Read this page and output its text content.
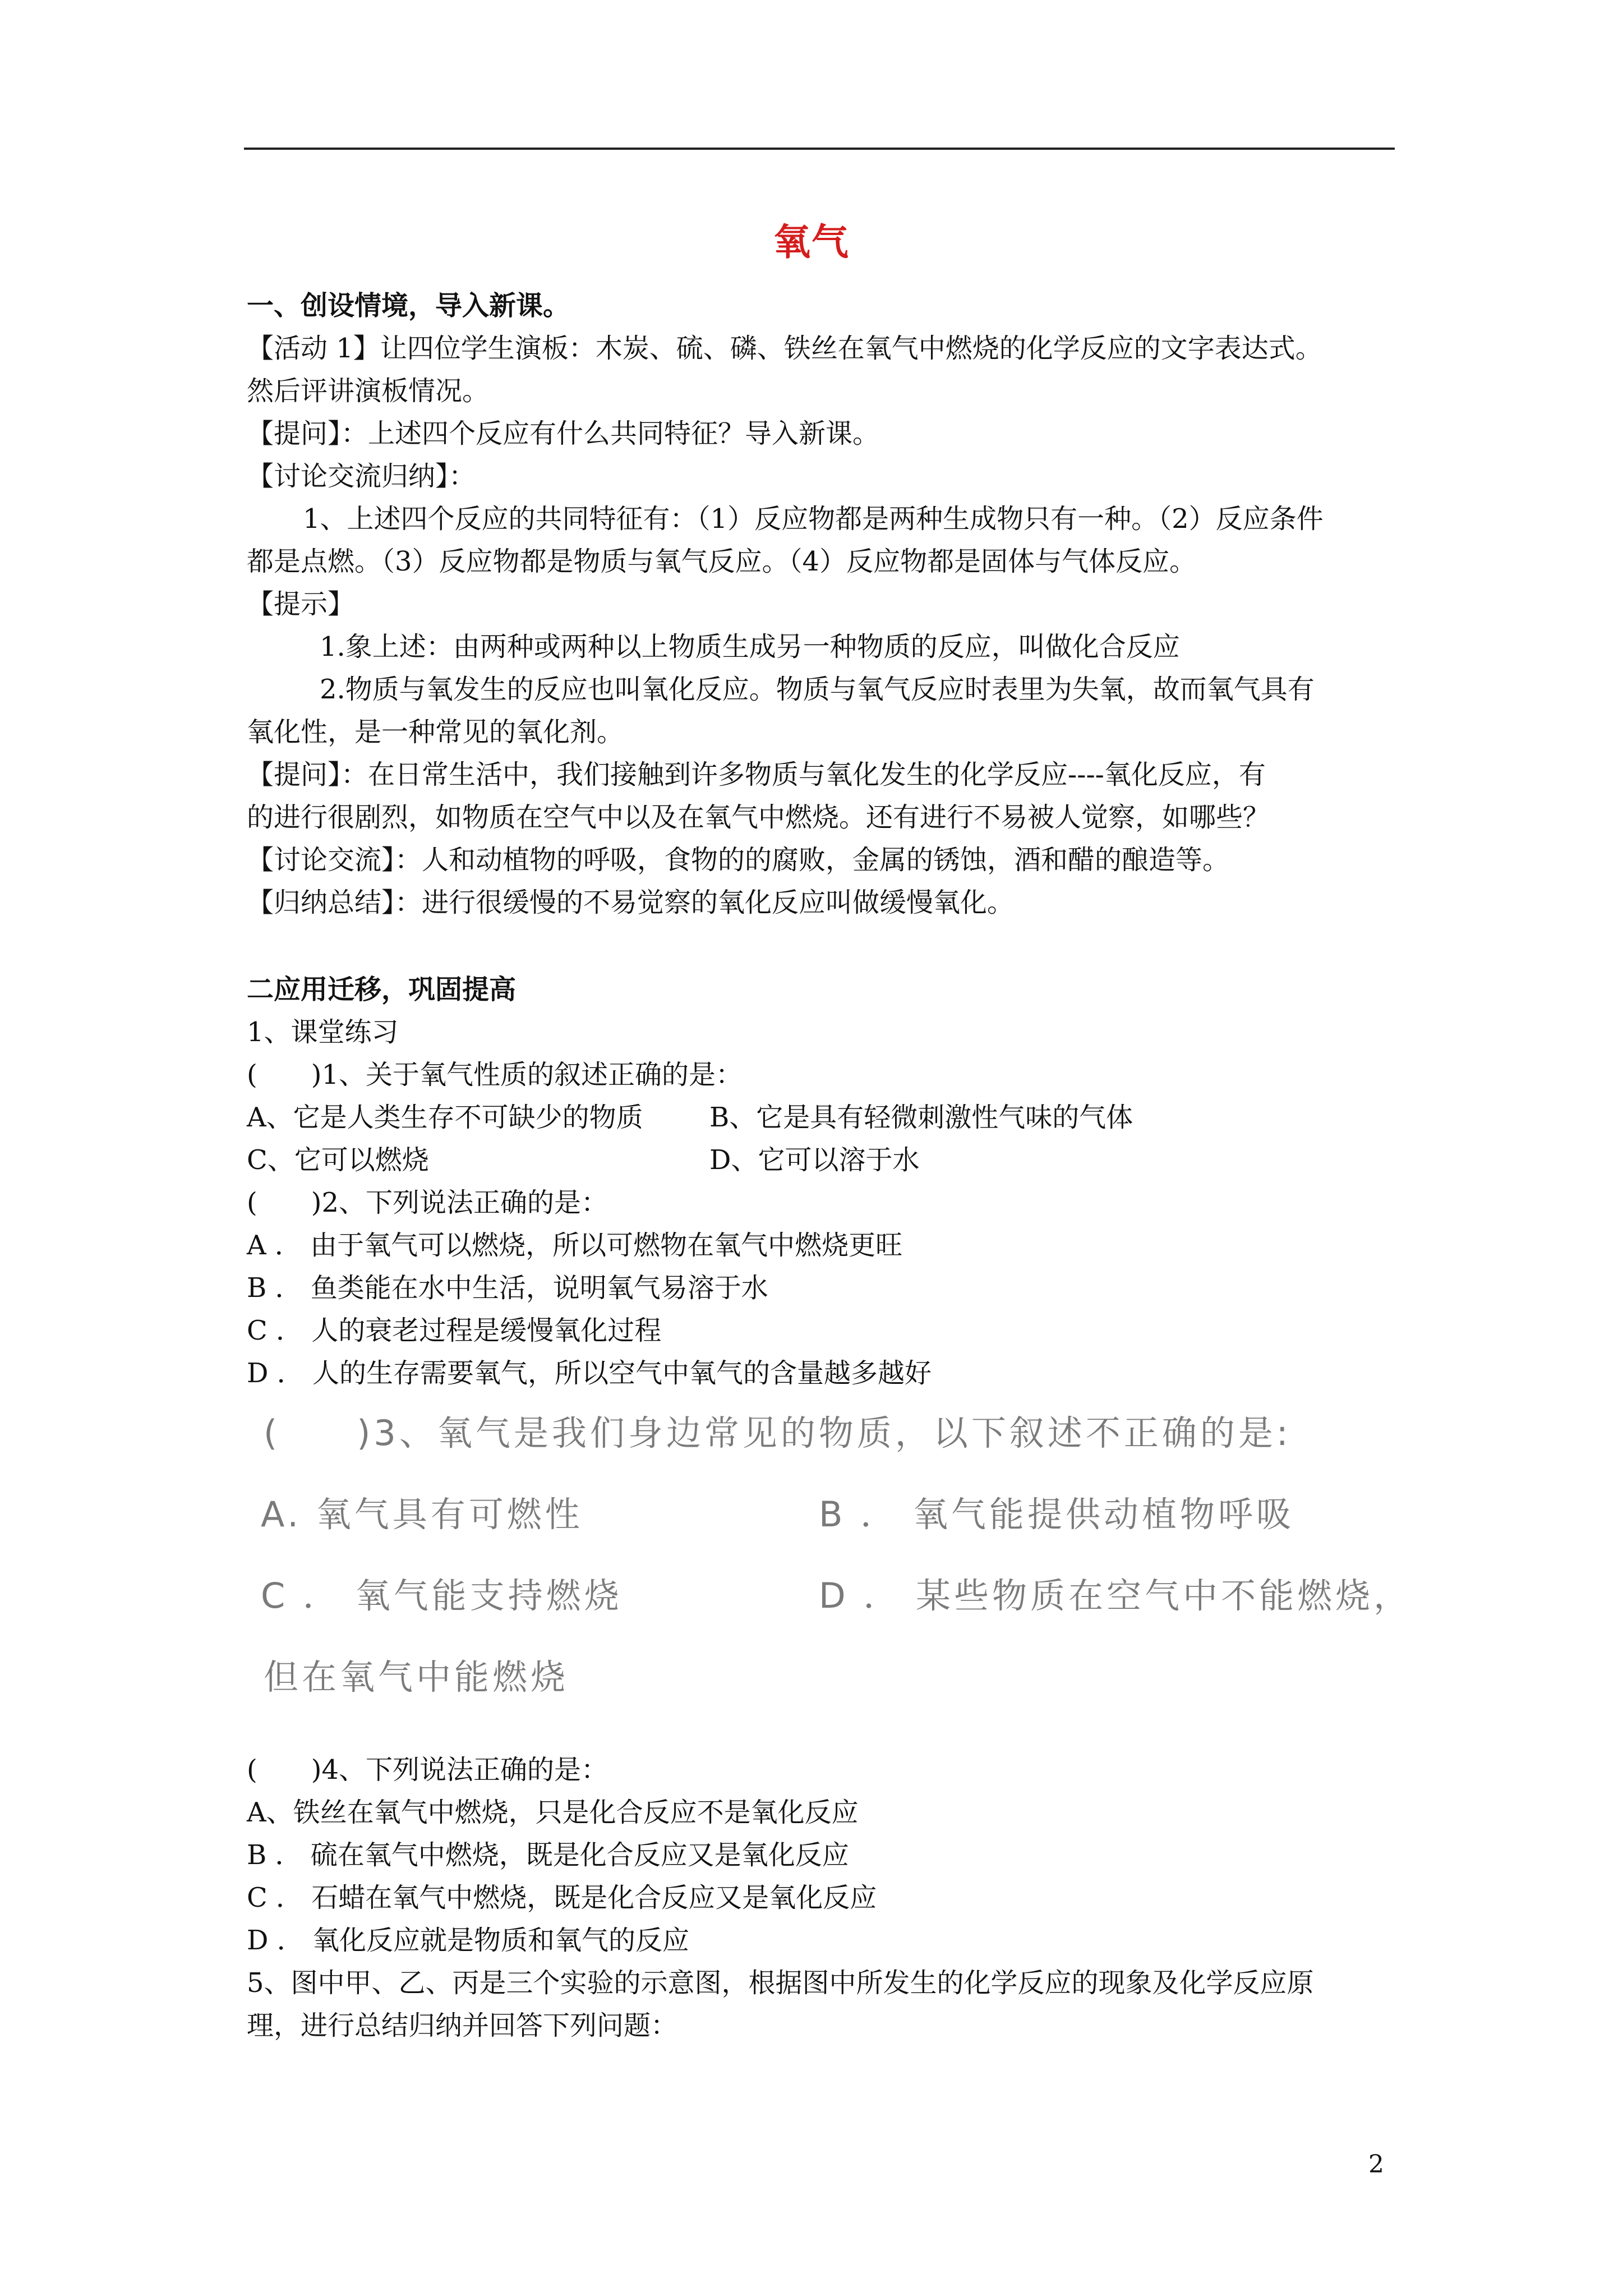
氧气
一、创设情境，导入新课。
【活动 1】让四位学生演板：木炭、硫、磷、铁丝在氧气中燃烧的化学反应的文字表达式。
然后评讲演板情况。
【提问】：上述四个反应有什么共同特征？导入新课。
【讨论交流归纳】：
1、上述四个反应的共同特征有：（1）反应物都是两种生成物只有一种。（2）反应条件
都是点燃。（3）反应物都是物质与氧气反应。（4）反应物都是固体与气体反应。
【提示】
1.象上述：由两种或两种以上物质生成另一种物质的反应，叫做化合反应
2.物质与氧发生的反应也叫氧化反应。物质与氧气反应时表里为失氧，故而氧气具有
氧化性，是一种常见的氧化剂。
【提问】：在日常生活中，我们接触到许多物质与氧化发生的化学反应----氧化反应，有
的进行很剧烈，如物质在空气中以及在氧气中燃烧。还有进行不易被人觉察，如哪些？
【讨论交流】：人和动植物的呼吸，食物的的腐败，金属的锈蚀，酒和醋的酿造等。
【归纳总结】：进行很缓慢的不易觉察的氧化反应叫做缓慢氧化。
二应用迁移，巩固提高
1、课堂练习
(　　)1、关于氧气性质的叙述正确的是：
A、它是人类生存不可缺少的物质 B、它是具有轻微刺激性气味的气体
C、它可以燃烧	D、它可以溶于水
(　　)2、下列说法正确的是：
A ． 由于氧气可以燃烧，所以可燃物在氧气中燃烧更旺
B ． 鱼类能在水中生活，说明氧气易溶于水
C ． 人的衰老过程是缓慢氧化过程
D ． 人的生存需要氧气，所以空气中氧气的含量越多越好
(　　)3、氧气是我们身边常见的物质，以下叙述不正确的是:
A. 氧气具有可燃性	B ． 氧气能提供动植物呼吸
C ． 氧气能支持燃烧	D ． 某些物质在空气中不能燃烧，
但在氧气中能燃烧
(　　)4、下列说法正确的是：
A、铁丝在氧气中燃烧，只是化合反应不是氧化反应
B ． 硫在氧气中燃烧，既是化合反应又是氧化反应
C ． 石蜡在氧气中燃烧，既是化合反应又是氧化反应
D ． 氧化反应就是物质和氧气的反应
5、图中甲、乙、丙是三个实验的示意图，根据图中所发生的化学反应的现象及化学反应原
理，进行总结归纳并回答下列问题：
2
